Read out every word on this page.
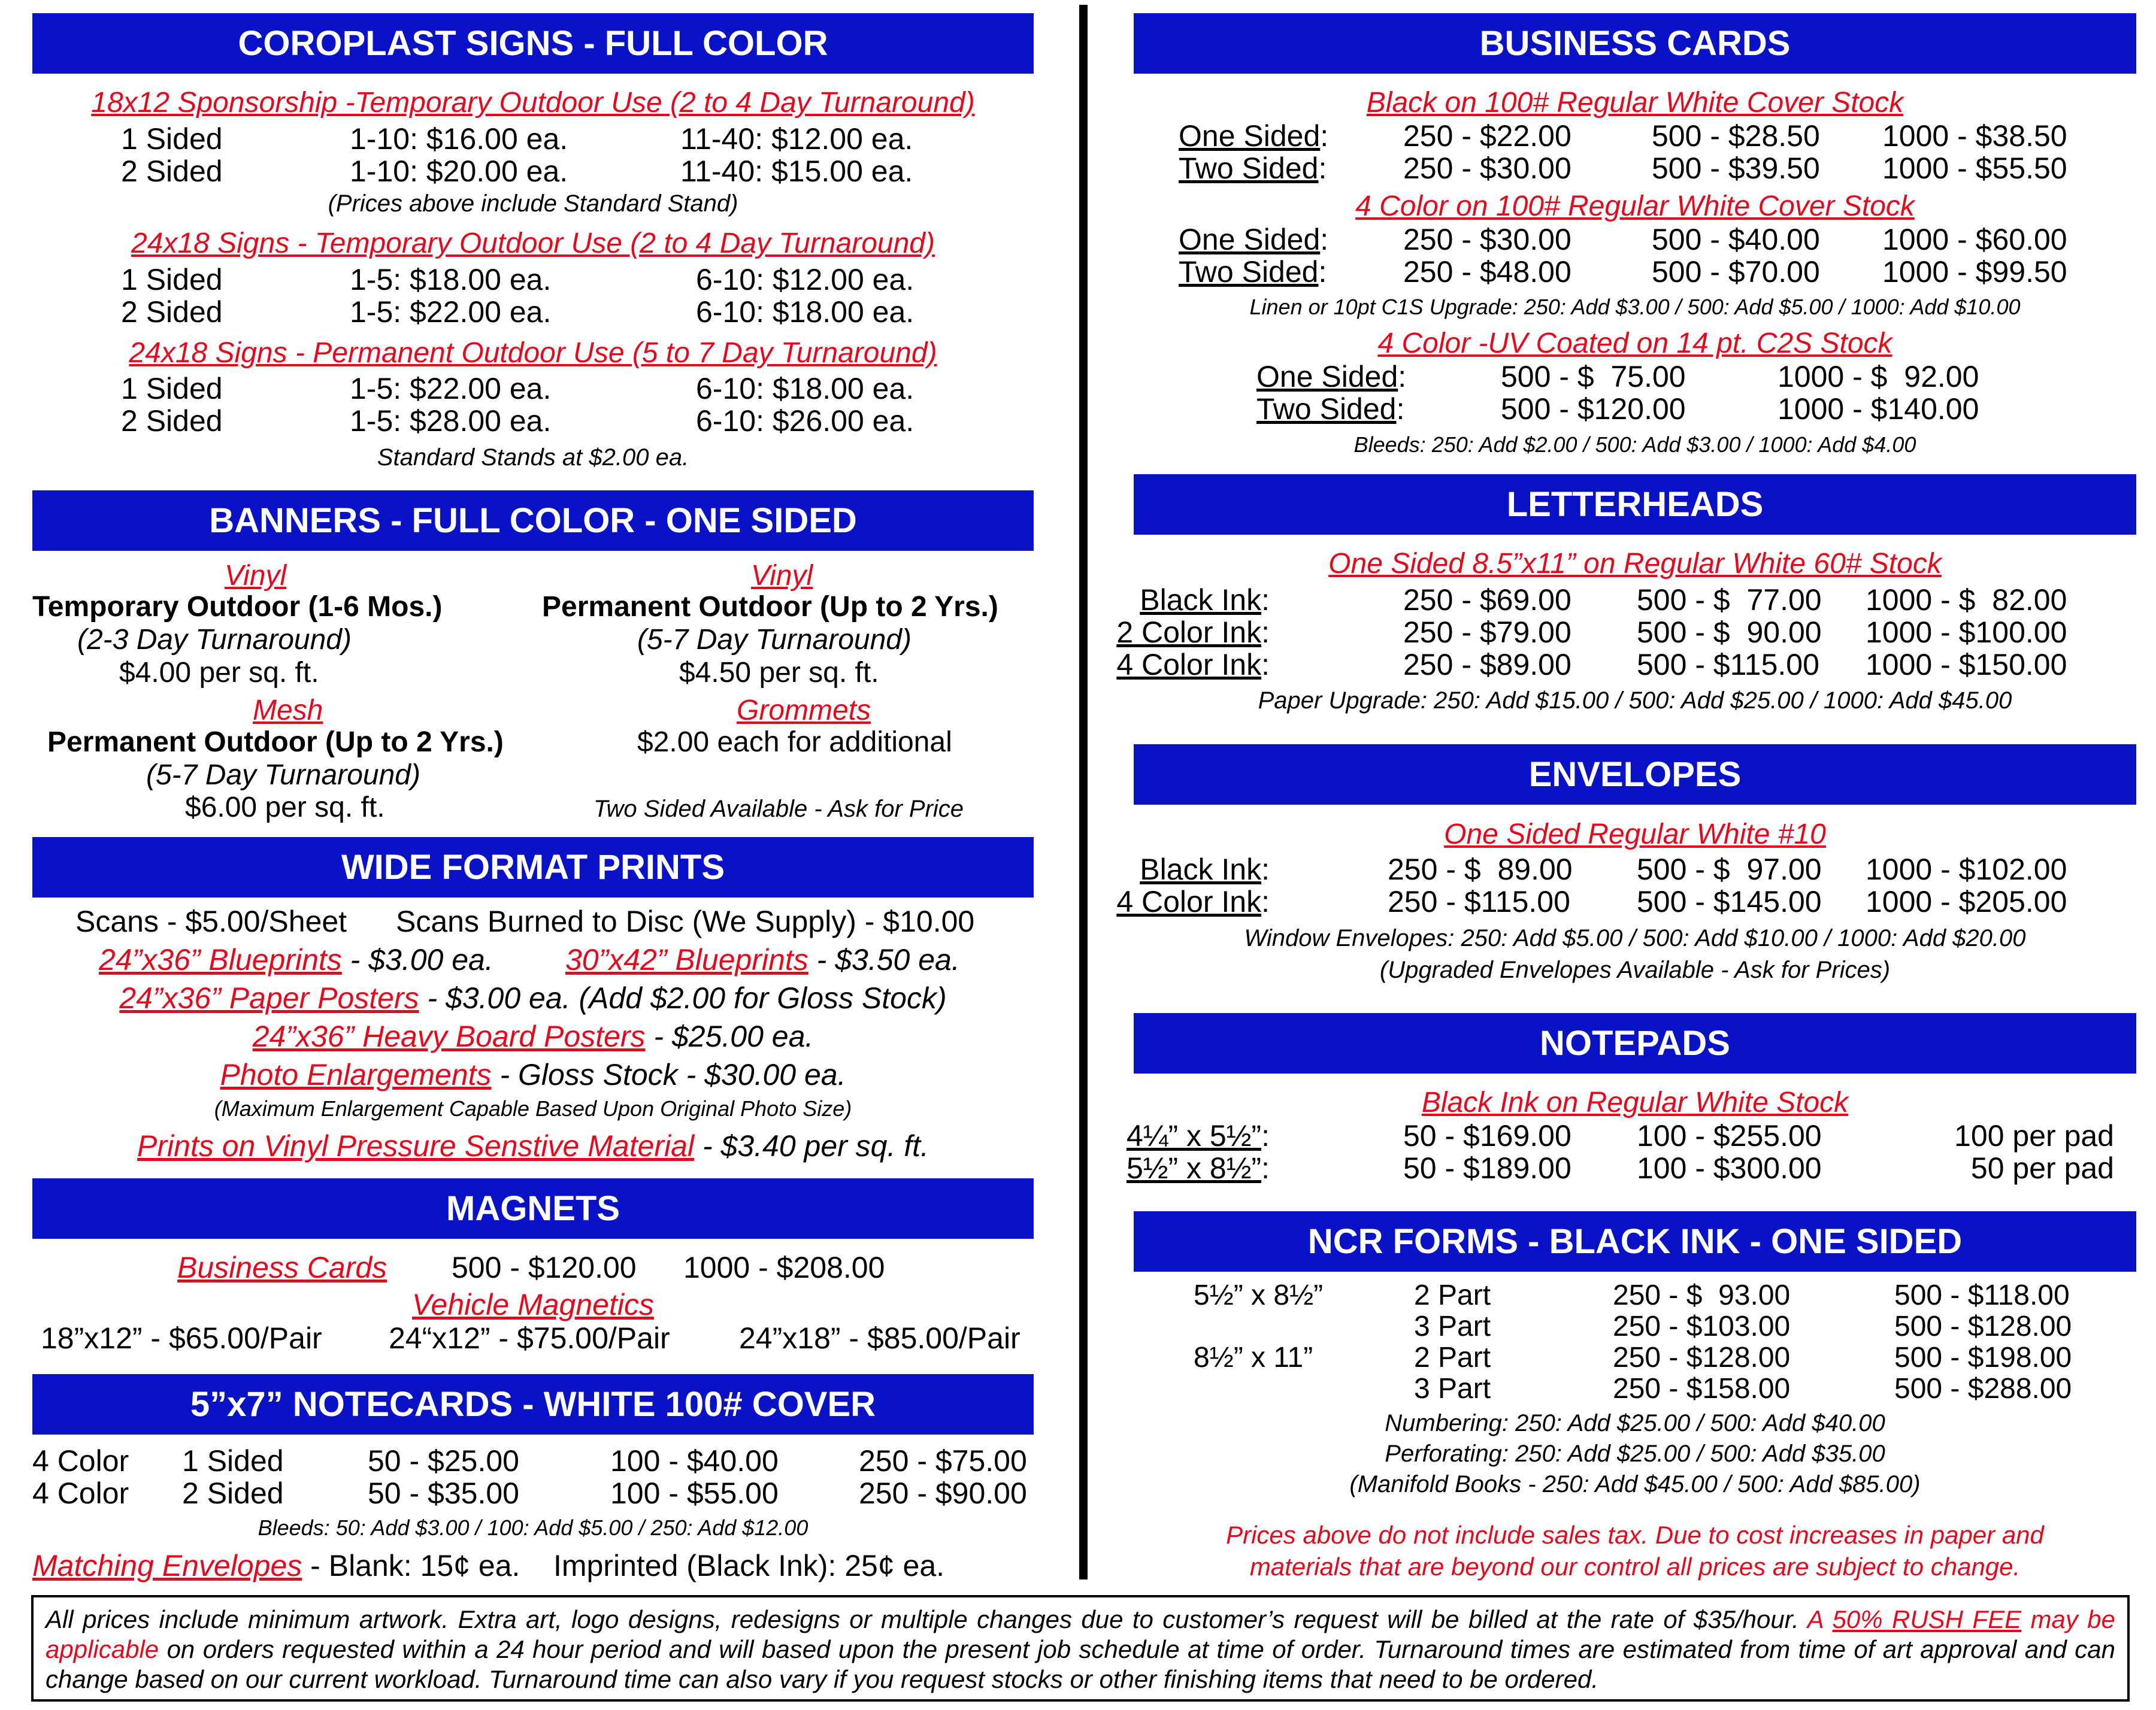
COROPLAST SIGNS - FULL COLOR
18x12 Sponsorship -Temporary Outdoor Use (2 to 4 Day Turnaround)
1 Sided	1-10: $16.00 ea.	11-40: $12.00 ea.
2 Sided	1-10: $20.00 ea.	11-40: $15.00 ea.
(Prices above include Standard Stand)
24x18 Signs - Temporary Outdoor Use (2 to 4 Day Turnaround)
1 Sided	1-5: $18.00 ea.	6-10: $12.00 ea.
2 Sided	1-5: $22.00 ea.	6-10: $18.00 ea.
24x18 Signs - Permanent Outdoor Use (5 to 7 Day Turnaround)
1 Sided	1-5: $22.00 ea.	6-10: $18.00 ea.
2 Sided	1-5: $28.00 ea.	6-10: $26.00 ea.
Standard Stands at $2.00 ea.
BANNERS - FULL COLOR - ONE SIDED
Vinyl
Temporary Outdoor (1-6 Mos.)
(2-3 Day Turnaround)
$4.00 per sq. ft.
Vinyl
Permanent Outdoor (Up to 2 Yrs.)
(5-7 Day Turnaround)
$4.50 per sq. ft.
Mesh
Permanent Outdoor (Up to 2 Yrs.)
(5-7 Day Turnaround)
$6.00 per sq. ft.
Grommets
$2.00 each for additional
Two Sided Available - Ask for Price
WIDE FORMAT PRINTS
Scans - $5.00/Sheet Scans Burned to Disc (We Supply) - $10.00
24”x36” Blueprints - $3.00 ea. 30”x42” Blueprints - $3.50 ea.
24”x36” Paper Posters - $3.00 ea. (Add $2.00 for Gloss Stock)
24”x36” Heavy Board Posters - $25.00 ea.
Photo Enlargements - Gloss Stock - $30.00 ea.
(Maximum Enlargement Capable Based Upon Original Photo Size)
Prints on Vinyl Pressure Senstive Material - $3.40 per sq. ft.
MAGNETS
Business Cards 500 - $120.00 1000 - $208.00
Vehicle Magnetics
18”x12” - $65.00/Pair 24“x12” - $75.00/Pair 24”x18” - $85.00/Pair
5”x7” NOTECARDS - WHITE 100# COVER
4 Color 1 Sided	50 - $25.00	100 - $40.00	250 - $75.00
4 Color 2 Sided	50 - $35.00	100 - $55.00	250 - $90.00
Bleeds: 50: Add $3.00 / 100: Add $5.00 / 250: Add $12.00
Matching Envelopes - Blank: 15¢ ea.    Imprinted (Black Ink): 25¢ ea.
BUSINESS CARDS
Black on 100# Regular White Cover Stock
One Sided: 250 - $22.00	500 - $28.50 1000 - $38.50
Two Sided:	250 - $30.00	500 - $39.50 1000 - $55.50
4 Color on 100# Regular White Cover Stock
One Sided: 250 - $30.00	500 - $40.00 1000 - $60.00
Two Sided:	250 - $48.00	500 - $70.00 1000 - $99.50
Linen or 10pt C1S Upgrade: 250: Add $3.00 / 500: Add $5.00 / 1000: Add $10.00
4 Color -UV Coated on 14 pt. C2S Stock
One Sided:	500 - $  75.00	1000 - $  92.00
Two Sided:	500 - $120.00	1000 - $140.00
Bleeds: 250: Add $2.00 / 500: Add $3.00 / 1000: Add $4.00
LETTERHEADS
One Sided 8.5”x11” on Regular White 60# Stock
Black Ink:	250 - $69.00 500 - $  77.00 1000 - $  82.00
2 Color Ink:	250 - $79.00 500 - $  90.00 1000 - $100.00
4 Color Ink:	250 - $89.00 500 - $115.00 1000 - $150.00
Paper Upgrade: 250: Add $15.00 / 500: Add $25.00 / 1000: Add $45.00
ENVELOPES
One Sided Regular White #10
Black Ink:	250 - $  89.00 500 - $  97.00 1000 - $102.00
4 Color Ink:	250 - $115.00 500 - $145.00 1000 - $205.00
Window Envelopes: 250: Add $5.00 / 500: Add $10.00 / 1000: Add $20.00
(Upgraded Envelopes Available - Ask for Prices)
NOTEPADS
Black Ink on Regular White Stock
4¼” x 5½”:	50 - $169.00 100 - $255.00	100 per pad
5½” x 8½”:	50 - $189.00 100 - $300.00	50 per pad
NCR FORMS - BLACK INK - ONE SIDED
5½” x 8½”	2 Part	250 - $  93.00	500 - $118.00
3 Part	250 - $103.00	500 - $128.00
8½” x 11”	2 Part	250 - $128.00	500 - $198.00
3 Part	250 - $158.00	500 - $288.00
Numbering: 250: Add $25.00 / 500: Add $40.00
Perforating: 250: Add $25.00 / 500: Add $35.00
(Manifold Books - 250: Add $45.00 / 500: Add $85.00)
Prices above do not include sales tax. Due to cost increases in paper and
materials that are beyond our control all prices are subject to change.
All prices include minimum artwork. Extra art, logo designs, redesigns or multiple changes due to customer’s request will be billed at the rate of $35/hour. A 50% RUSH FEE may be applicable on orders requested within a 24 hour period and will based upon the present job schedule at time of order. Turnaround times are estimated from time of art approval and can change based on our current workload. Turnaround time can also vary if you request stocks or other finishing items that need to be ordered.
